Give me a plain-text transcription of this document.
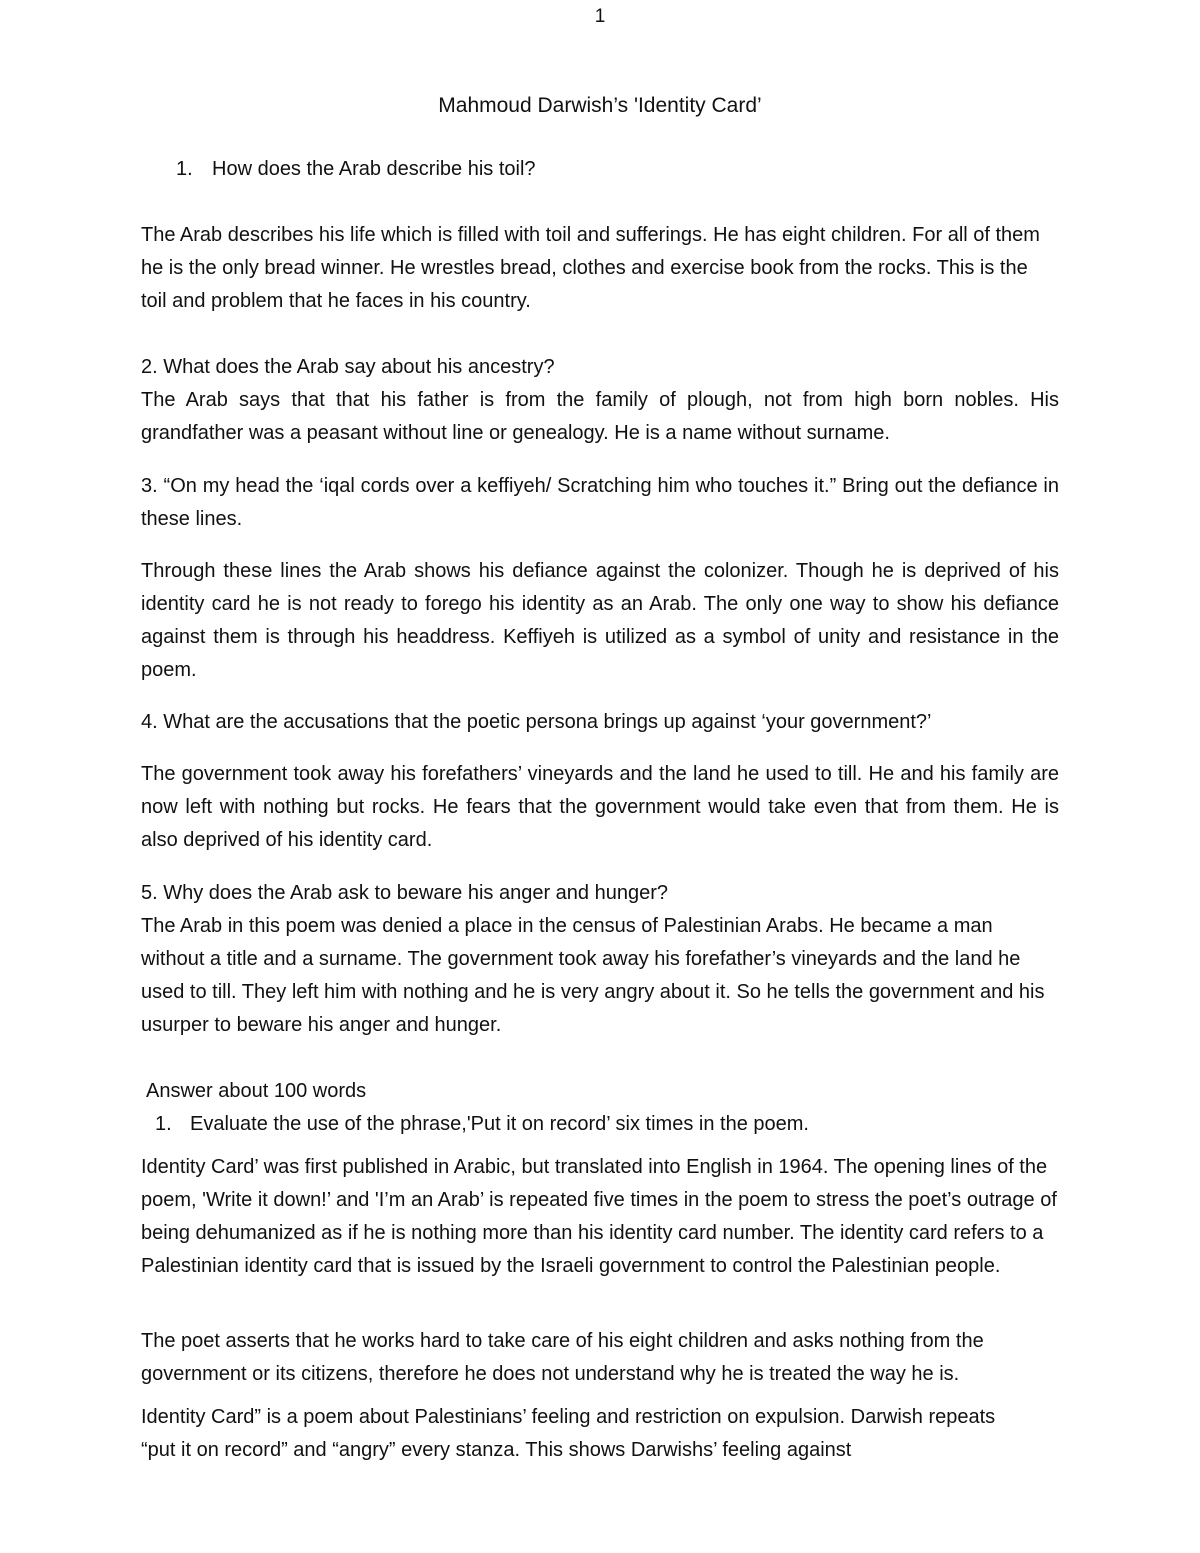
1
Mahmoud Darwish’s 'Identity Card’
1. How does the Arab describe his toil?
The Arab describes his life which is filled with toil and sufferings. He has eight children. For all of them he is the only bread winner. He wrestles bread, clothes and exercise book from the rocks. This is the toil and problem that he faces in his country.
2. What does the Arab say about his ancestry?
The Arab says that that his father is from the family of plough, not from high born nobles. His grandfather was a peasant without line or genealogy. He is a name without surname.
3. “On my head the ‘iqal cords over a keffiyeh/ Scratching him who touches it.” Bring out the defiance in these lines.
Through these lines the Arab shows his defiance against the colonizer. Though he is deprived of his identity card he is not ready to forego his identity as an Arab. The only one way to show his defiance against them is through his headdress. Keffiyeh is utilized as a symbol of unity and resistance in the poem.
4. What are the accusations that the poetic persona brings up against ‘your government?’
The government took away his forefathers’ vineyards and the land he used to till. He and his family are now left with nothing but rocks. He fears that the government would take even that from them. He is also deprived of his identity card.
5. Why does the Arab ask to beware his anger and hunger?
The Arab in this poem was denied a place in the census of Palestinian Arabs. He became a man without a title and a surname. The government took away his forefather’s vineyards and the land he used to till. They left him with nothing and he is very angry about it. So he tells the government and his usurper to beware his anger and hunger.
Answer about 100 words
1. Evaluate the use of the phrase,'Put it on record’ six times in the poem.
Identity Card’ was first published in Arabic, but translated into English in 1964. The opening lines of the poem, 'Write it down!’ and 'I’m an Arab’ is repeated five times in the poem to stress the poet’s outrage of being dehumanized as if he is nothing more than his identity card number. The identity card refers to a Palestinian identity card that is issued by the Israeli government to control the Palestinian people.
The poet asserts that he works hard to take care of his eight children and asks nothing from the government or its citizens, therefore he does not understand why he is treated the way he is.
Identity Card” is a poem about Palestinians’ feeling and restriction on expulsion. Darwish repeats “put it on record” and “angry” every stanza. This shows Darwishs’ feeling against
